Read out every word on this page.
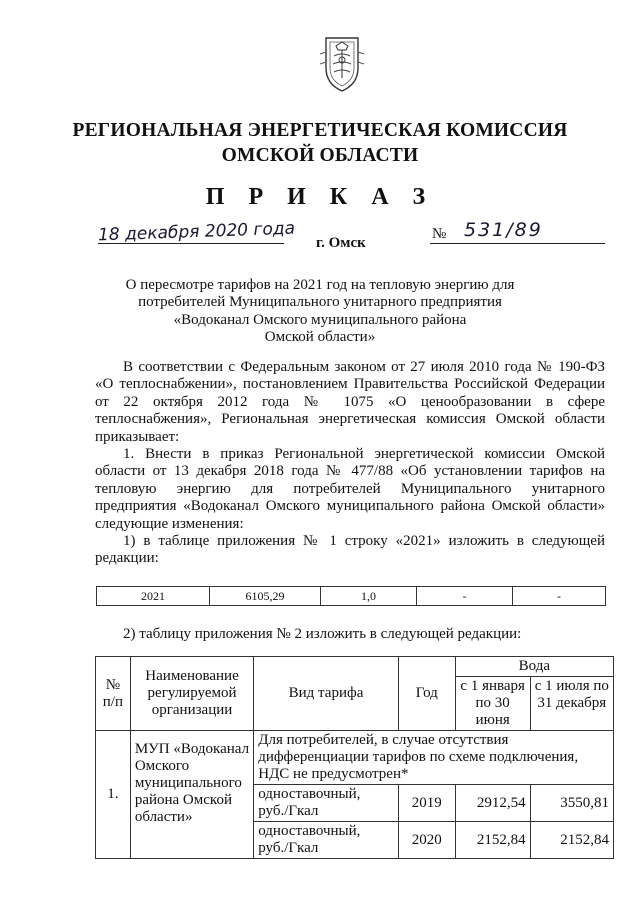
РЕГИОНАЛЬНАЯ ЭНЕРГЕТИЧЕСКАЯ КОМИССИЯ
ОМСКОЙ ОБЛАСТИ
П Р И К А З
18 декабря 2020 года г. Омск
№ 531/89
О пересмотре тарифов на 2021 год на тепловую энергию для
потребителей Муниципального унитарного предприятия
«Водоканал Омского муниципального района
Омской области»

В соответствии с Федеральным законом от 27 июля 2010 года № 190-ФЗ «О теплоснабжении», постановлением Правительства Российской Федерации от 22 октября 2012 года № 1075 «О ценообразовании в сфере теплоснабжения», Региональная энергетическая комиссия Омской области приказывает:

1. Внести в приказ Региональной энергетической комиссии Омской области от 13 декабря 2018 года № 477/88 «Об установлении тарифов на тепловую энергию для потребителей Муниципального унитарного предприятия «Водоканал Омского муниципального района Омской области» следующие изменения:

1) в таблице приложения № 1 строку «2021» изложить в следующей редакции:

2021	6105,29	1,0	-	-

2) таблицу приложения № 2 изложить в следующей редакции:

№ п/п	Наименование регулируемой организации	Вид тарифа	Год	Вода	
				с 1 января по 30 июня	с 1 июля по 31 декабря
1.	МУП «Водоканал Омского муниципального района Омской области»	Для потребителей, в случае отсутствия дифференциации тарифов по схеме подключения, НДС не предусмотрен*			
		одноставочный, руб./Гкал	2019	2912,54	3550,81
		одноставочный, руб./Гкал	2020	2152,84	2152,84
